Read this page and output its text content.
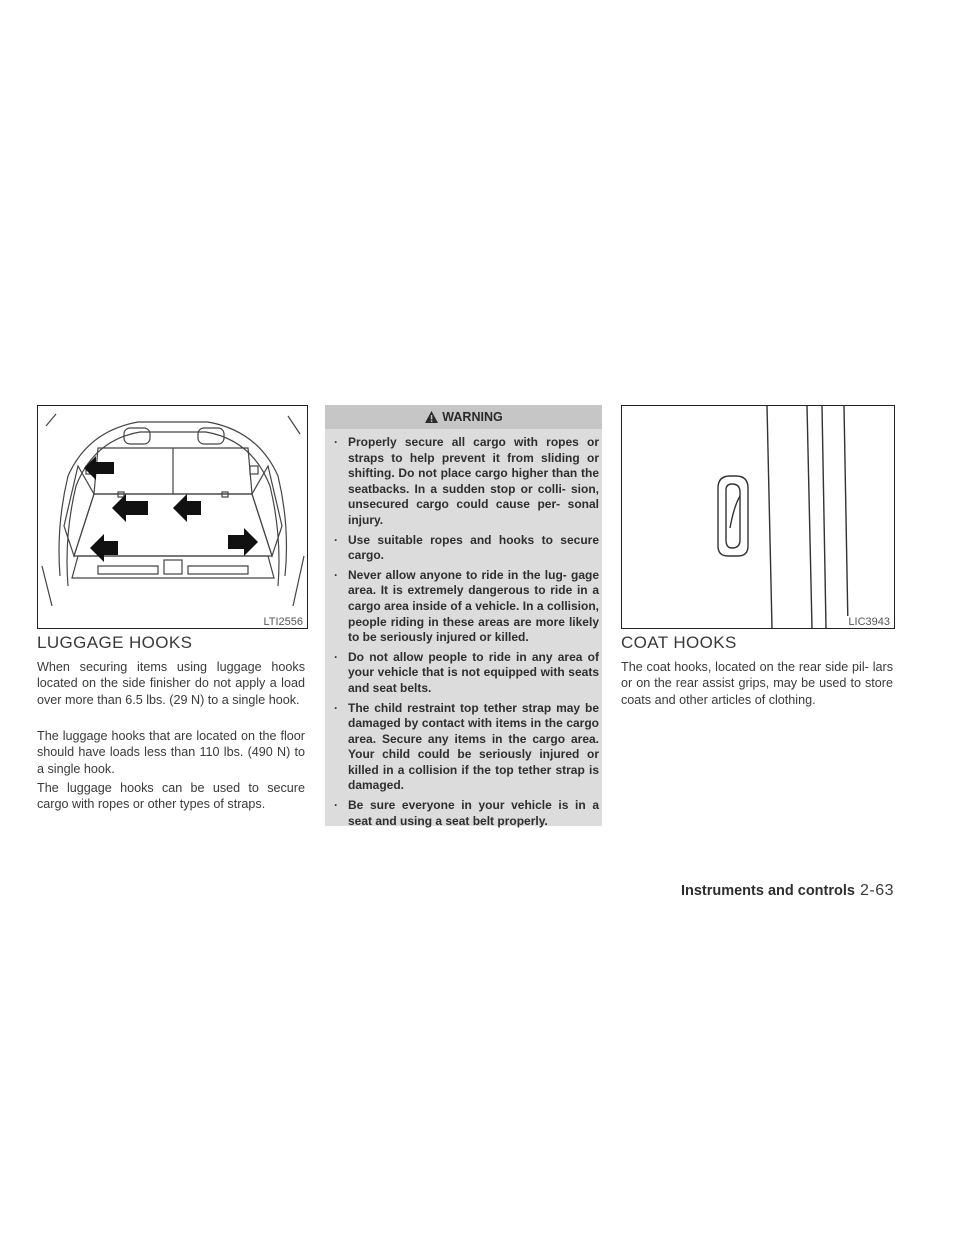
LTI2556
LUGGAGE HOOKS

When securing items using luggage hooks located on the side finisher do not apply a load over more than 6.5 lbs. (29 N) to a single hook.

The luggage hooks that are located on the floor should have loads less than 110 lbs. (490 N) to a single hook.

The luggage hooks can be used to secure cargo with ropes or other types of straps.

WARNING
· Properly secure all cargo with ropes or straps to help prevent it from sliding or shifting. Do not place cargo higher than the seatbacks. In a sudden stop or colli- sion, unsecured cargo could cause per- sonal injury.
· Use suitable ropes and hooks to secure cargo.
· Never allow anyone to ride in the lug- gage area. It is extremely dangerous to ride in a cargo area inside of a vehicle. In a collision, people riding in these areas are more likely to be seriously injured or killed.
· Do not allow people to ride in any area of your vehicle that is not equipped with seats and seat belts.
· The child restraint top tether strap may be damaged by contact with items in the cargo area. Secure any items in the cargo area. Your child could be seriously injured or killed in a collision if the top tether strap is damaged.
· Be sure everyone in your vehicle is in a seat and using a seat belt properly.
LIC3943
COAT HOOKS

The coat hooks, located on the rear side pil- lars or on the rear assist grips, may be used to store coats and other articles of clothing.

Instruments and controls 2-63
